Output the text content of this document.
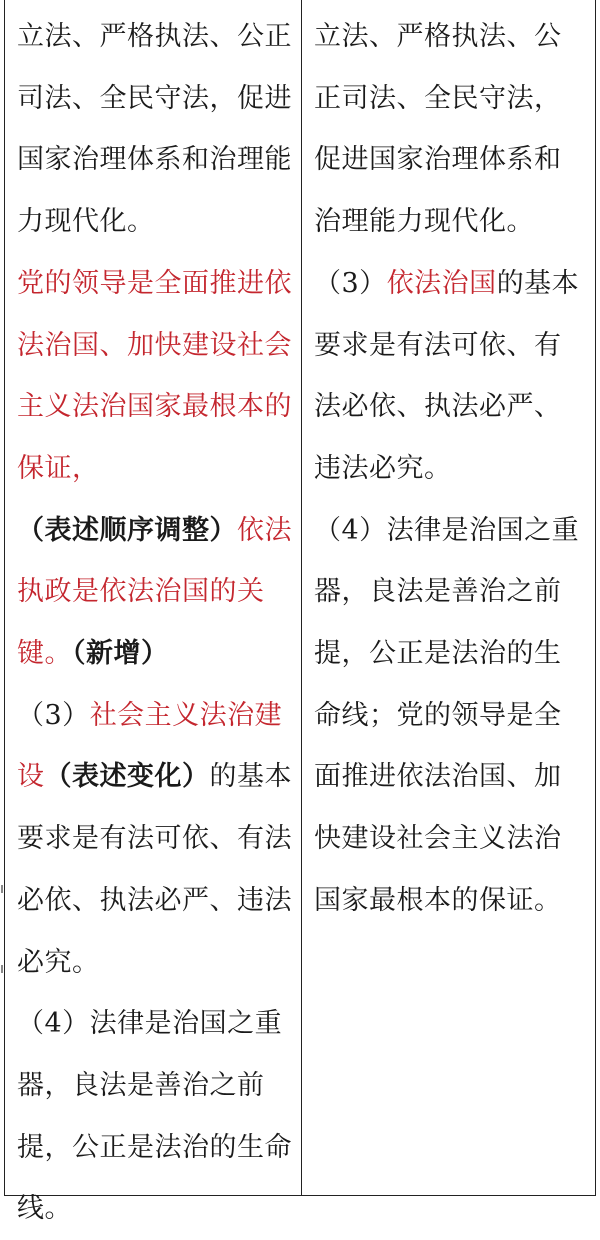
立法、严格执法、公正司法、全民守法，促进国家治理体系和治理能力现代化。
党的领导是全面推进依法治国、加快建设社会主义法治国家最根本的保证，（表述顺序调整）依法执政是依法治国的关键。（新增）
（3）社会主义法治建设（表述变化）的基本要求是有法可依、有法必依、执法必严、违法必究。
（4）法律是治国之重器，良法是善治之前提，公正是法治的生命线。
立法、严格执法、公正司法、全民守法，促进国家治理体系和治理能力现代化。
（3）依法治国的基本要求是有法可依、有法必依、执法必严、违法必究。
（4）法律是治国之重器，良法是善治之前提，公正是法治的生命线；党的领导是全面推进依法治国、加快建设社会主义法治国家最根本的保证。
